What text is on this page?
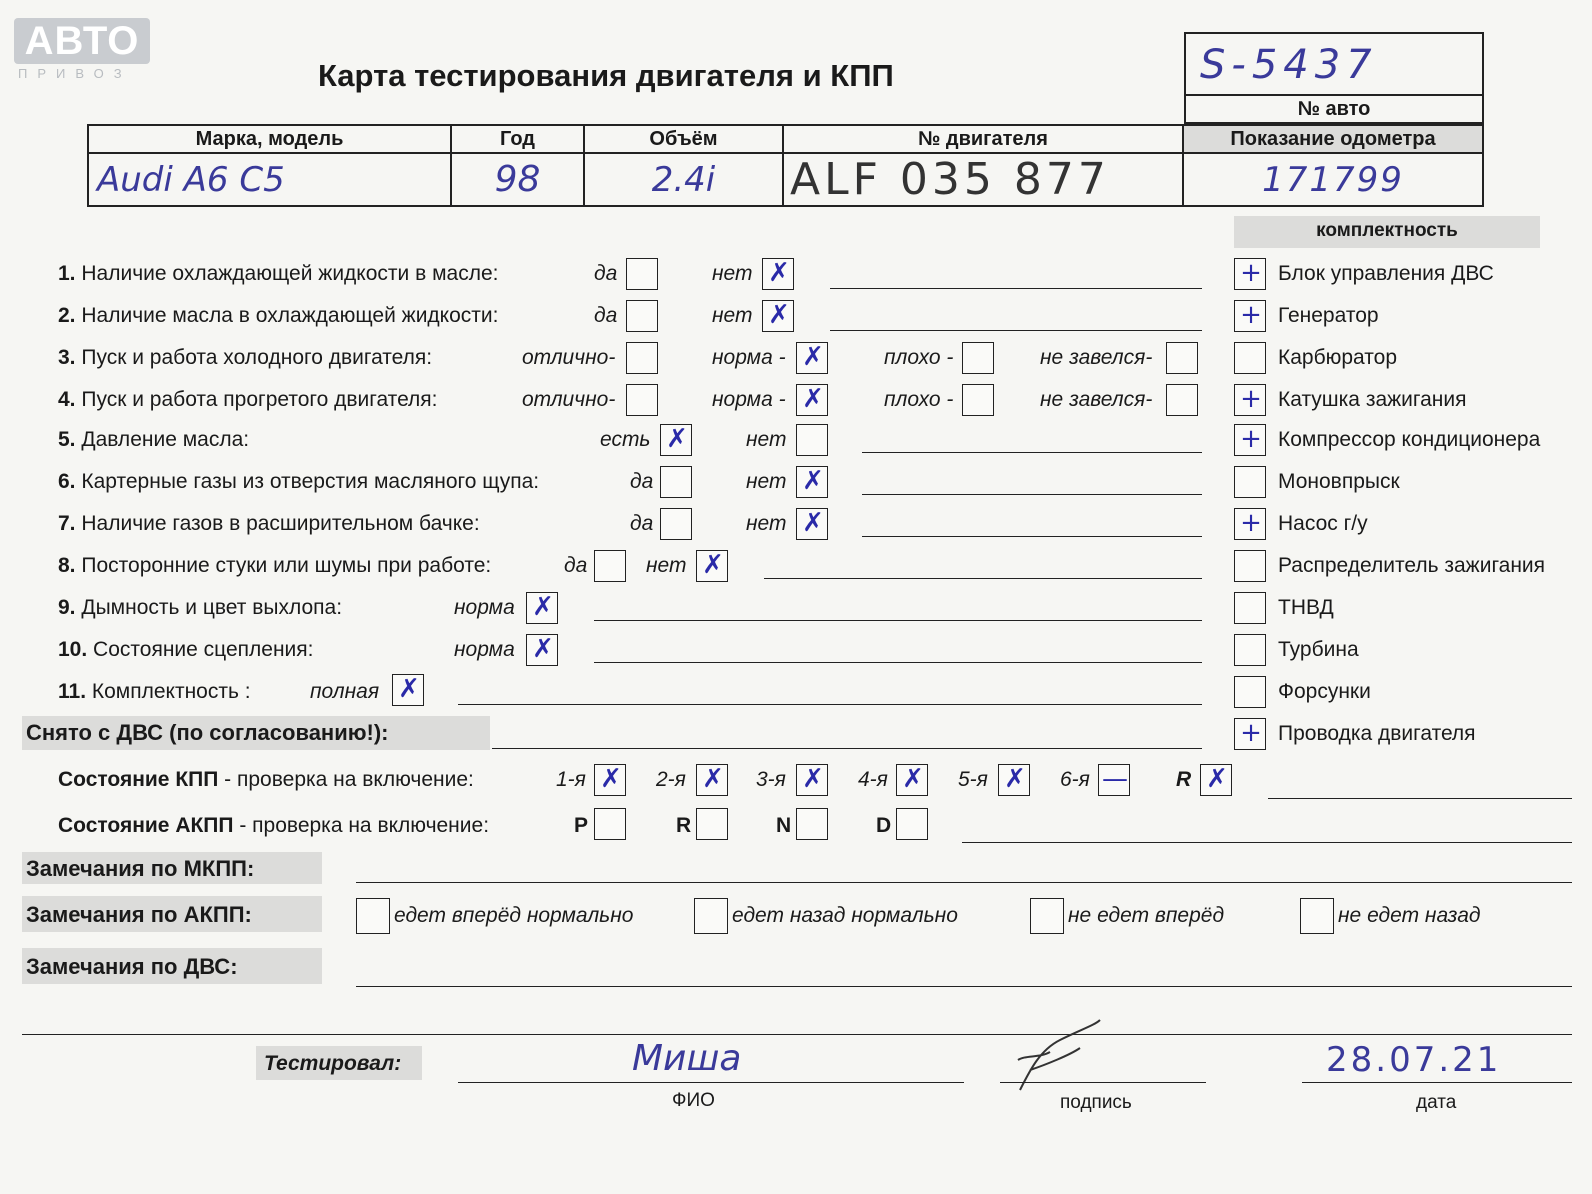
АВТО
ПРИВОЗ	Карта тестирования двигателя и КПП	S-5437
№ авто
Марка, модель	Год	Объём	№ двигателя	Показание одометра
Audi A6 C5	98	2.4i	ALF 035 877	171799
комплектность
1. Наличие охлаждающей жидкости в масле:	да	нет ✗
2. Наличие масла в охлаждающей жидкости:	да	нет ✗
3. Пуск и работа холодного двигателя:	отлично-	норма - ✗	плохо -	не завелся-
4. Пуск и работа прогретого двигателя:	отлично-	норма - ✗	плохо -	не завелся-
5. Давление масла:	есть ✗	нет
6. Картерные газы из отверстия масляного щупа:	да	нет ✗
7. Наличие газов в расширительном бачке:	да	нет ✗
8. Посторонние стуки или шумы при работе:	да	нет ✗
9. Дымность и цвет выхлопа:	норма ✗
10. Состояние сцепления:	норма ✗
11. Комплектность :	полная ✗
+ Блок управления ДВС
+ Генератор
Карбюратор
+ Катушка зажигания
+ Компрессор кондиционера
Моновпрыск
+ Насос г/у
Распределитель зажигания
ТНВД
Турбина
Форсунки
+ Проводка двигателя
Снято с ДВС (по согласованию!):
Состояние КПП - проверка на включение:	1-я ✗ 2-я ✗ 3-я ✗ 4-я ✗ 5-я ✗ 6-я — R ✗
Состояние АКПП - проверка на включение:	P	R	N	D
Замечания по МКПП:
Замечания по АКПП:	едет вперёд нормально	едет назад нормально	не едет вперёд	не едет назад
Замечания по ДВС:
Тестировал:	Миша
ФИО	подпись
28.07.21
дата
